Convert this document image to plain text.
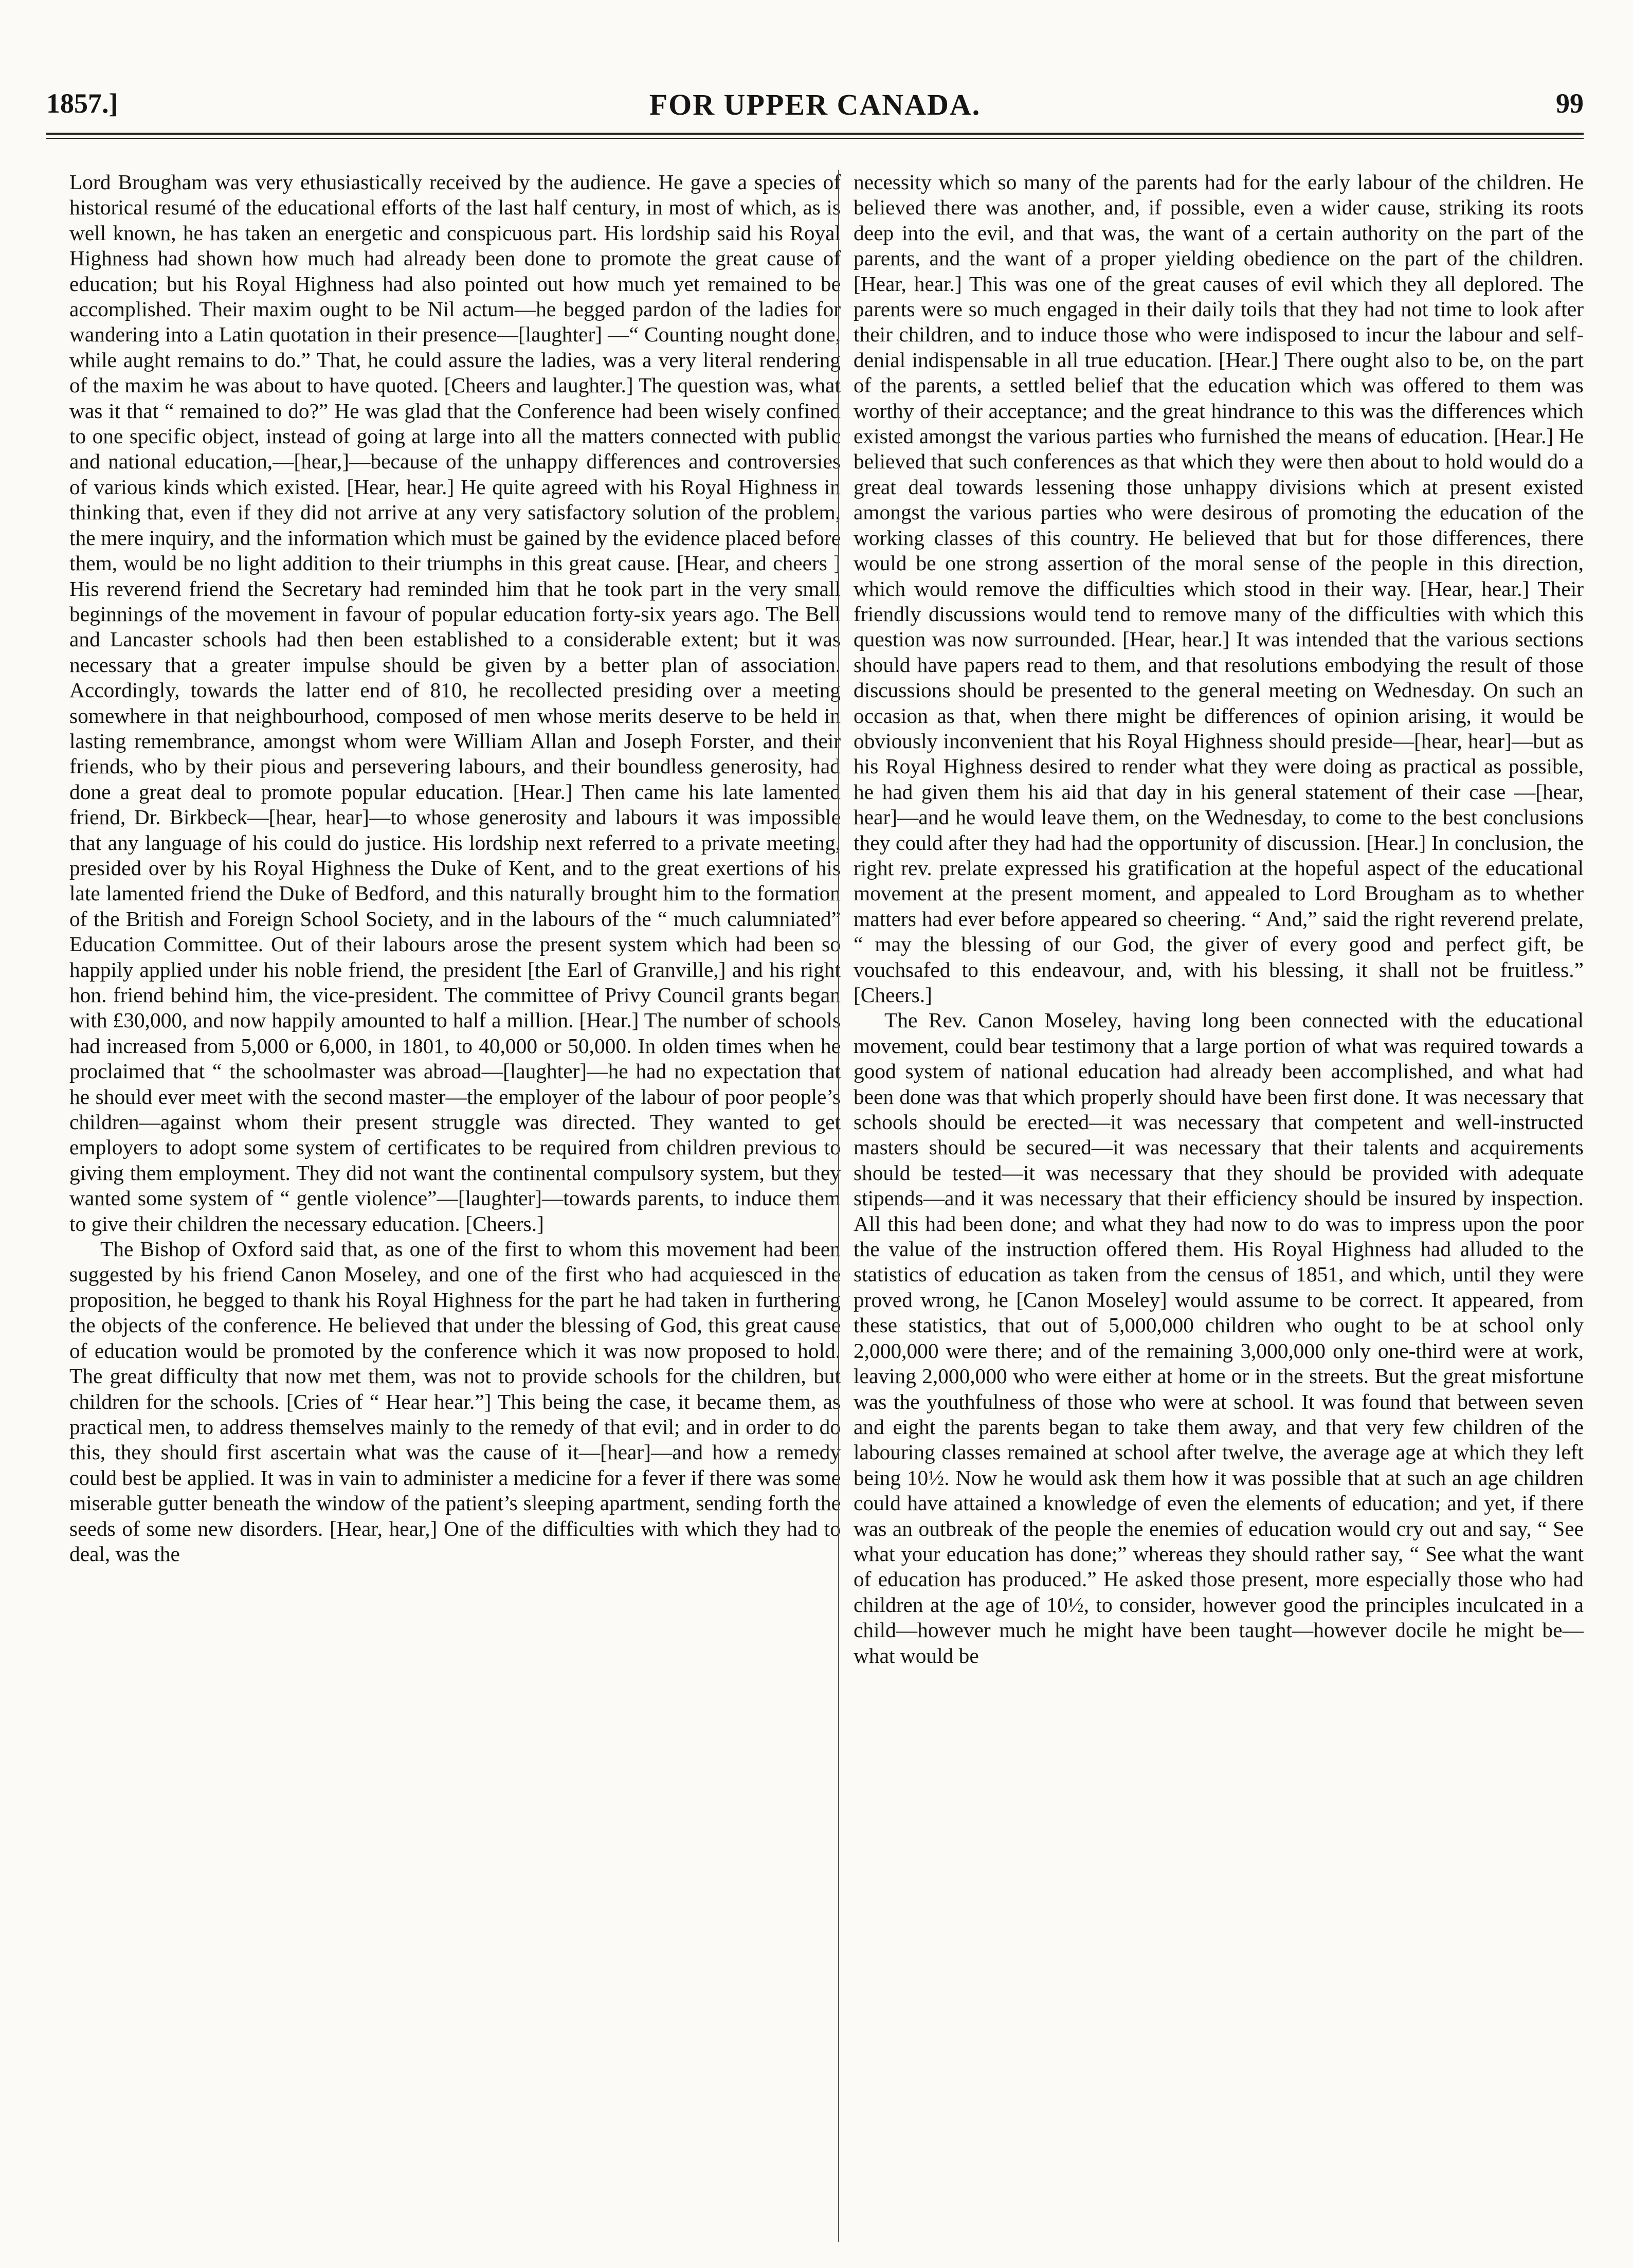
1857.]	FOR UPPER CANADA.	99

Lord Brougham was very ethusiastically received by the audience. He gave a species of historical resumé of the educational efforts of the last half century, in most of which, as is well known, he has taken an energetic and conspicuous part. His lordship said his Royal Highness had shown how much had already been done to promote the great cause of education; but his Royal Highness had also pointed out how much yet remained to be accomplished. Their maxim ought to be Nil actum—he begged pardon of the ladies for wandering into a Latin quotation in their presence—[laughter] —“ Counting nought done, while aught remains to do.” That, he could assure the ladies, was a very literal rendering of the maxim he was about to have quoted. [Cheers and laughter.] The question was, what was it that “ remained to do?” He was glad that the Conference had been wisely confined to one specific object, instead of going at large into all the matters connected with public and national education,—[hear,]—because of the unhappy differences and controversies of various kinds which existed. [Hear, hear.] He quite agreed with his Royal Highness in thinking that, even if they did not arrive at any very satisfactory solution of the problem, the mere inquiry, and the information which must be gained by the evidence placed before them, would be no light addition to their triumphs in this great cause. [Hear, and cheers ] His reverend friend the Secretary had reminded him that he took part in the very small beginnings of the movement in favour of popular education forty-six years ago. The Bell and Lancaster schools had then been established to a considerable extent; but it was necessary that a greater impulse should be given by a better plan of association. Accordingly, towards the latter end of 810, he recollected presiding over a meeting somewhere in that neighbourhood, composed of men whose merits deserve to be held in lasting remembrance, amongst whom were William Allan and Joseph Forster, and their friends, who by their pious and persevering labours, and their boundless generosity, had done a great deal to promote popular education. [Hear.] Then came his late lamented friend, Dr. Birkbeck—[hear, hear]—to whose generosity and labours it was impossible that any language of his could do justice. His lordship next referred to a private meeting, presided over by his Royal Highness the Duke of Kent, and to the great exertions of his late lamented friend the Duke of Bedford, and this naturally brought him to the formation of the British and Foreign School Society, and in the labours of the “ much calumniated” Education Committee. Out of their labours arose the present system which had been so happily applied under his noble friend, the president [the Earl of Granville,] and his right hon. friend behind him, the vice-president. The committee of Privy Council grants began with £30,000, and now happily amounted to half a million. [Hear.] The number of schools had increased from 5,000 or 6,000, in 1801, to 40,000 or 50,000. In olden times when he proclaimed that “ the schoolmaster was abroad—[laughter]—he had no expectation that he should ever meet with the second master—the employer of the labour of poor people’s children—against whom their present struggle was directed. They wanted to get employers to adopt some system of certificates to be required from children previous to giving them employment. They did not want the continental compulsory system, but they wanted some system of “ gentle violence”—[laughter]—towards parents, to induce them to give their children the necessary education. [Cheers.]

The Bishop of Oxford said that, as one of the first to whom this movement had been suggested by his friend Canon Moseley, and one of the first who had acquiesced in the proposition, he begged to thank his Royal Highness for the part he had taken in furthering the objects of the conference. He believed that under the blessing of God, this great cause of education would be promoted by the conference which it was now proposed to hold. The great difficulty that now met them, was not to provide schools for the children, but children for the schools. [Cries of “ Hear hear.”] This being the case, it became them, as practical men, to address themselves mainly to the remedy of that evil; and in order to do this, they should first ascertain what was the cause of it—[hear]—and how a remedy could best be applied. It was in vain to administer a medicine for a fever if there was some miserable gutter beneath the window of the patient’s sleeping apartment, sending forth the seeds of some new disorders. [Hear, hear,] One of the difficulties with which they had to deal, was the

necessity which so many of the parents had for the early labour of the children. He believed there was another, and, if possible, even a wider cause, striking its roots deep into the evil, and that was, the want of a certain authority on the part of the parents, and the want of a proper yielding obedience on the part of the children. [Hear, hear.] This was one of the great causes of evil which they all deplored. The parents were so much engaged in their daily toils that they had not time to look after their children, and to induce those who were indisposed to incur the labour and self-denial indispensable in all true education. [Hear.] There ought also to be, on the part of the parents, a settled belief that the education which was offered to them was worthy of their acceptance; and the great hindrance to this was the differences which existed amongst the various parties who furnished the means of education. [Hear.] He believed that such conferences as that which they were then about to hold would do a great deal towards lessening those unhappy divisions which at present existed amongst the various parties who were desirous of promoting the education of the working classes of this country. He believed that but for those differences, there would be one strong assertion of the moral sense of the people in this direction, which would remove the difficulties which stood in their way. [Hear, hear.] Their friendly discussions would tend to remove many of the difficulties with which this question was now surrounded. [Hear, hear.] It was intended that the various sections should have papers read to them, and that resolutions embodying the result of those discussions should be presented to the general meeting on Wednesday. On such an occasion as that, when there might be differences of opinion arising, it would be obviously inconvenient that his Royal Highness should preside—[hear, hear]—but as his Royal Highness desired to render what they were doing as practical as possible, he had given them his aid that day in his general statement of their case —[hear, hear]—and he would leave them, on the Wednesday, to come to the best conclusions they could after they had had the opportunity of discussion. [Hear.] In conclusion, the right rev. prelate expressed his gratification at the hopeful aspect of the educational movement at the present moment, and appealed to Lord Brougham as to whether matters had ever before appeared so cheering. “ And,” said the right reverend prelate, “ may the blessing of our God, the giver of every good and perfect gift, be vouchsafed to this endeavour, and, with his blessing, it shall not be fruitless.” [Cheers.]

The Rev. Canon Moseley, having long been connected with the educational movement, could bear testimony that a large portion of what was required towards a good system of national education had already been accomplished, and what had been done was that which properly should have been first done. It was necessary that schools should be erected—it was necessary that competent and well-instructed masters should be secured—it was necessary that their talents and acquirements should be tested—it was necessary that they should be provided with adequate stipends—and it was necessary that their efficiency should be insured by inspection. All this had been done; and what they had now to do was to impress upon the poor the value of the instruction offered them. His Royal Highness had alluded to the statistics of education as taken from the census of 1851, and which, until they were proved wrong, he [Canon Moseley] would assume to be correct. It appeared, from these statistics, that out of 5,000,000 children who ought to be at school only 2,000,000 were there; and of the remaining 3,000,000 only one-third were at work, leaving 2,000,000 who were either at home or in the streets. But the great misfortune was the youthfulness of those who were at school. It was found that between seven and eight the parents began to take them away, and that very few children of the labouring classes remained at school after twelve, the average age at which they left being 10½. Now he would ask them how it was possible that at such an age children could have attained a knowledge of even the elements of education; and yet, if there was an outbreak of the people the enemies of education would cry out and say, “ See what your education has done;” whereas they should rather say, “ See what the want of education has produced.” He asked those present, more especially those who had children at the age of 10½, to consider, however good the principles inculcated in a child—however much he might have been taught—however docile he might be—what would be
